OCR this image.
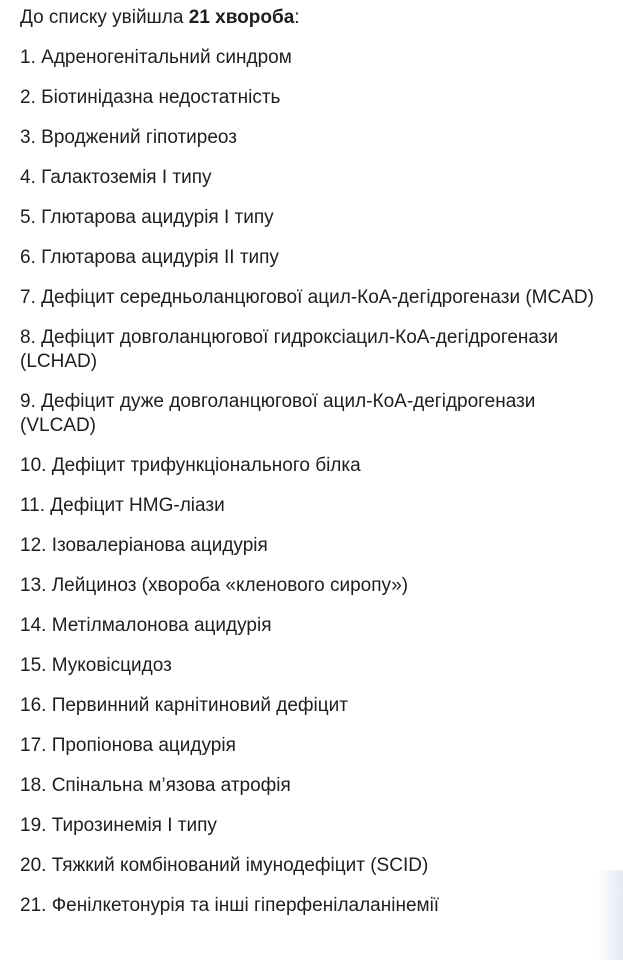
До списку увійшла 21 хвороба:

1. Адреногенітальний синдром
2. Біотинідазна недостатність
3. Вроджений гіпотиреоз
4. Галактоземія І типу
5. Глютарова ацидурія І типу
6. Глютарова ацидурія ІІ типу
7. Дефіцит середньоланцюгової ацил-КоА-дегідрогенази (MCAD)
8. Дефіцит довголанцюгової гидроксіацил-КоА-дегідрогенази (LCHAD)
9. Дефіцит дуже довголанцюгової ацил-КоА-дегідрогенази (VLCAD)
10. Дефіцит трифункціонального білка
11. Дефіцит HMG-ліази
12. Ізовалеріанова ацидурія
13. Лейциноз (хвороба «кленового сиропу»)
14. Метілмалонова ацидурія
15. Муковісцидоз
16. Первинний карнітиновий дефіцит
17. Пропіонова ацидурія
18. Спінальна м’язова атрофія
19. Тирозинемія І типу
20. Тяжкий комбінований імунодефіцит (SCID)
21. Фенілкетонурія та інші гіперфенілаланінемії
